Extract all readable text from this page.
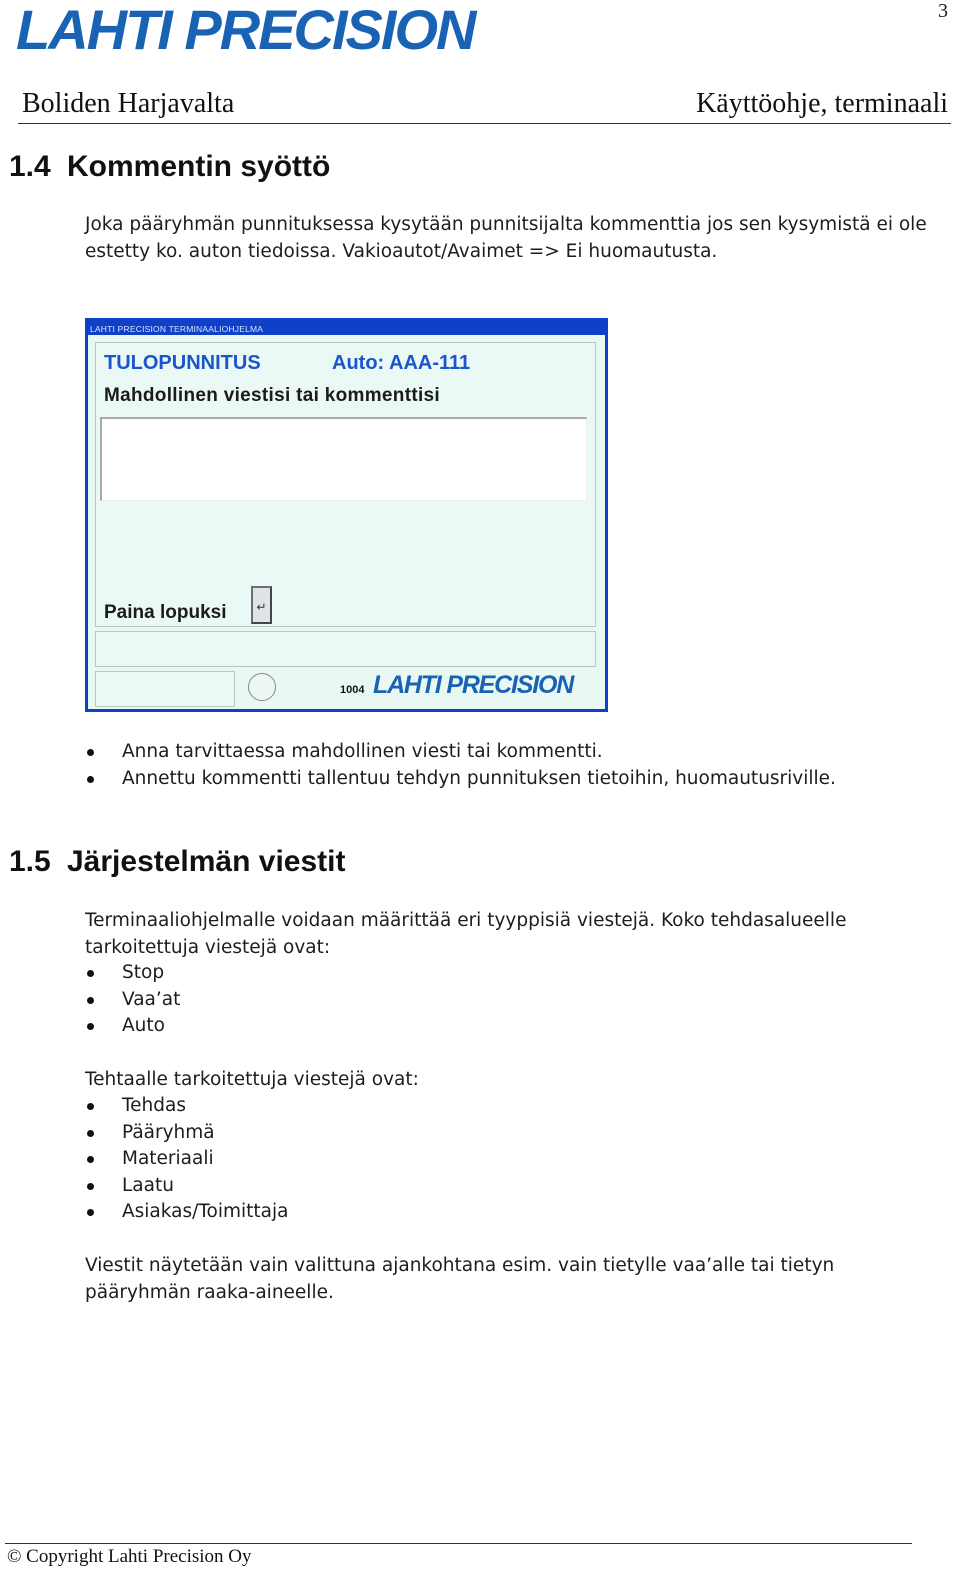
LAHTI PRECISION	3
Boliden Harjavalta	Käyttöohje, terminaali
1.4 Kommentin syöttö

Joka pääryhmän punnituksessa kysytään punnitsijalta kommenttia jos sen kysymistä ei ole estetty ko. auton tiedoissa. Vakioautot/Avaimet => Ei huomautusta.

LAHTI PRECISION TERMINAALIOHJELMA
TULOPUNNITUS	Auto: AAA-111
Mahdollinen viestisi tai kommenttisi
Paina lopuksi	↵
1004 LAHTI PRECISION
Anna tarvittaessa mahdollinen viesti tai kommentti.
Annettu kommentti tallentuu tehdyn punnituksen tietoihin, huomautusriville.
1.5 Järjestelmän viestit

Terminaaliohjelmalle voidaan määrittää eri tyyppisiä viestejä. Koko tehdasalueelle tarkoitettuja viestejä ovat:

Stop
Vaa’at
Auto

Tehtaalle tarkoitettuja viestejä ovat:

Tehdas
Pääryhmä
Materiaali
Laatu
Asiakas/Toimittaja

Viestit näytetään vain valittuna ajankohtana esim. vain tietylle vaa’alle tai tietyn pääryhmän raaka-aineelle.

© Copyright Lahti Precision Oy
